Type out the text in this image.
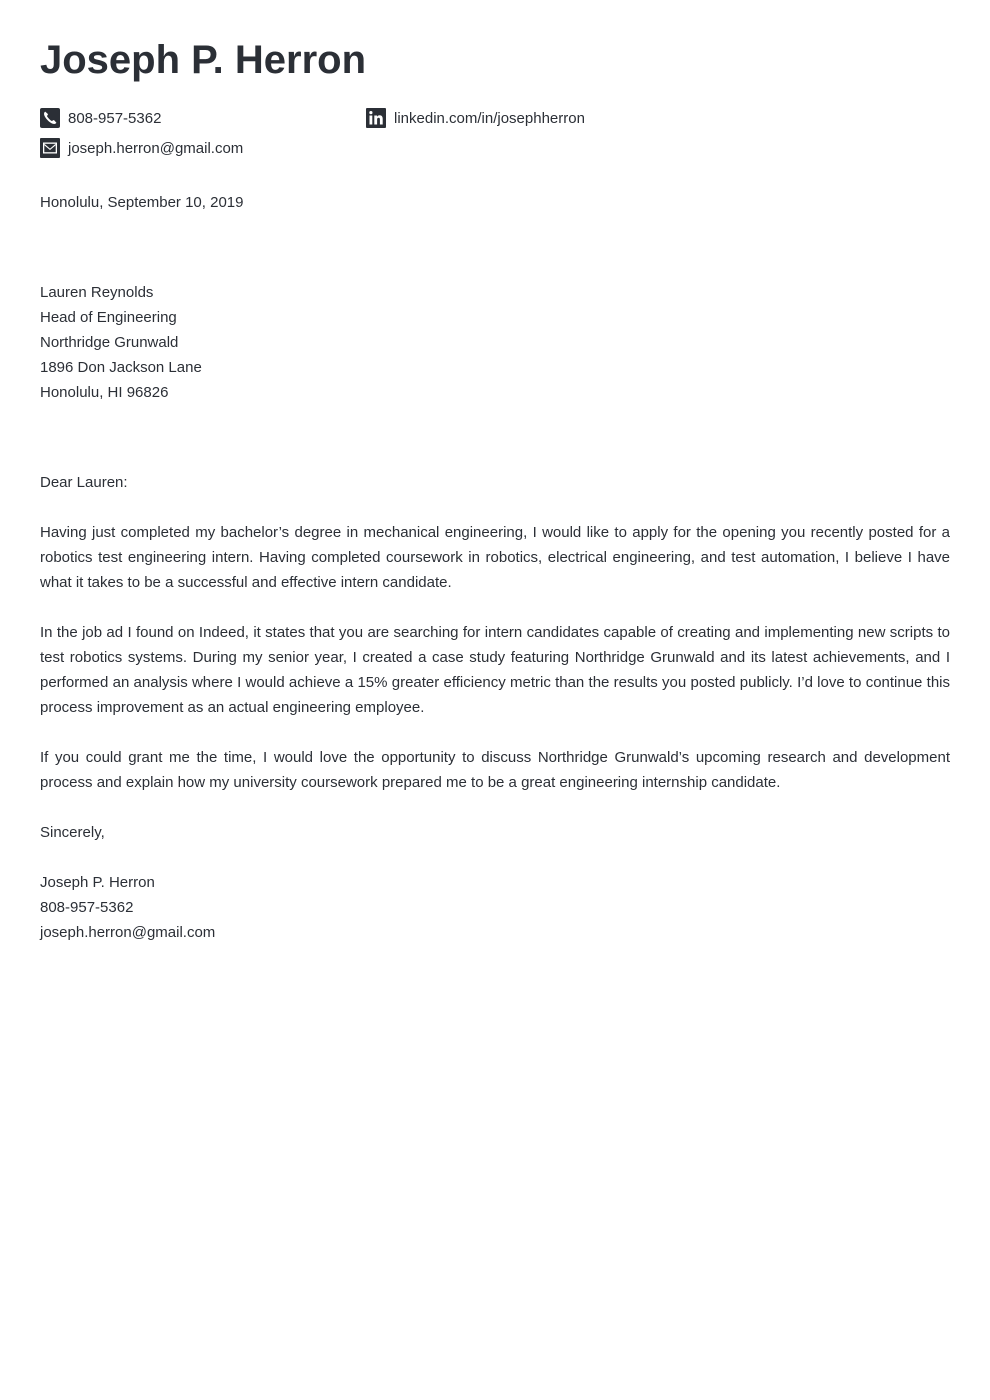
Joseph P. Herron
808-957-5362
joseph.herron@gmail.com
linkedin.com/in/josephherron
Honolulu, September 10, 2019
Lauren Reynolds
Head of Engineering
Northridge Grunwald
1896 Don Jackson Lane
Honolulu, HI 96826

Dear Lauren:

Having just completed my bachelor’s degree in mechanical engineering, I would like to apply for the opening you recently posted for a robotics test engineering intern. Having completed coursework in robotics, electrical engineering, and test automation, I believe I have what it takes to be a successful and effective intern candidate.

In the job ad I found on Indeed, it states that you are searching for intern candidates capable of creating and implementing new scripts to test robotics systems. During my senior year, I created a case study featuring Northridge Grunwald and its latest achievements, and I performed an analysis where I would achieve a 15% greater efficiency metric than the results you posted publicly. I’d love to continue this process improvement as an actual engineering employee.

If you could grant me the time, I would love the opportunity to discuss Northridge Grunwald’s upcoming research and development process and explain how my university coursework prepared me to be a great engineering internship candidate.

Sincerely,

Joseph P. Herron
808-957-5362
joseph.herron@gmail.com
